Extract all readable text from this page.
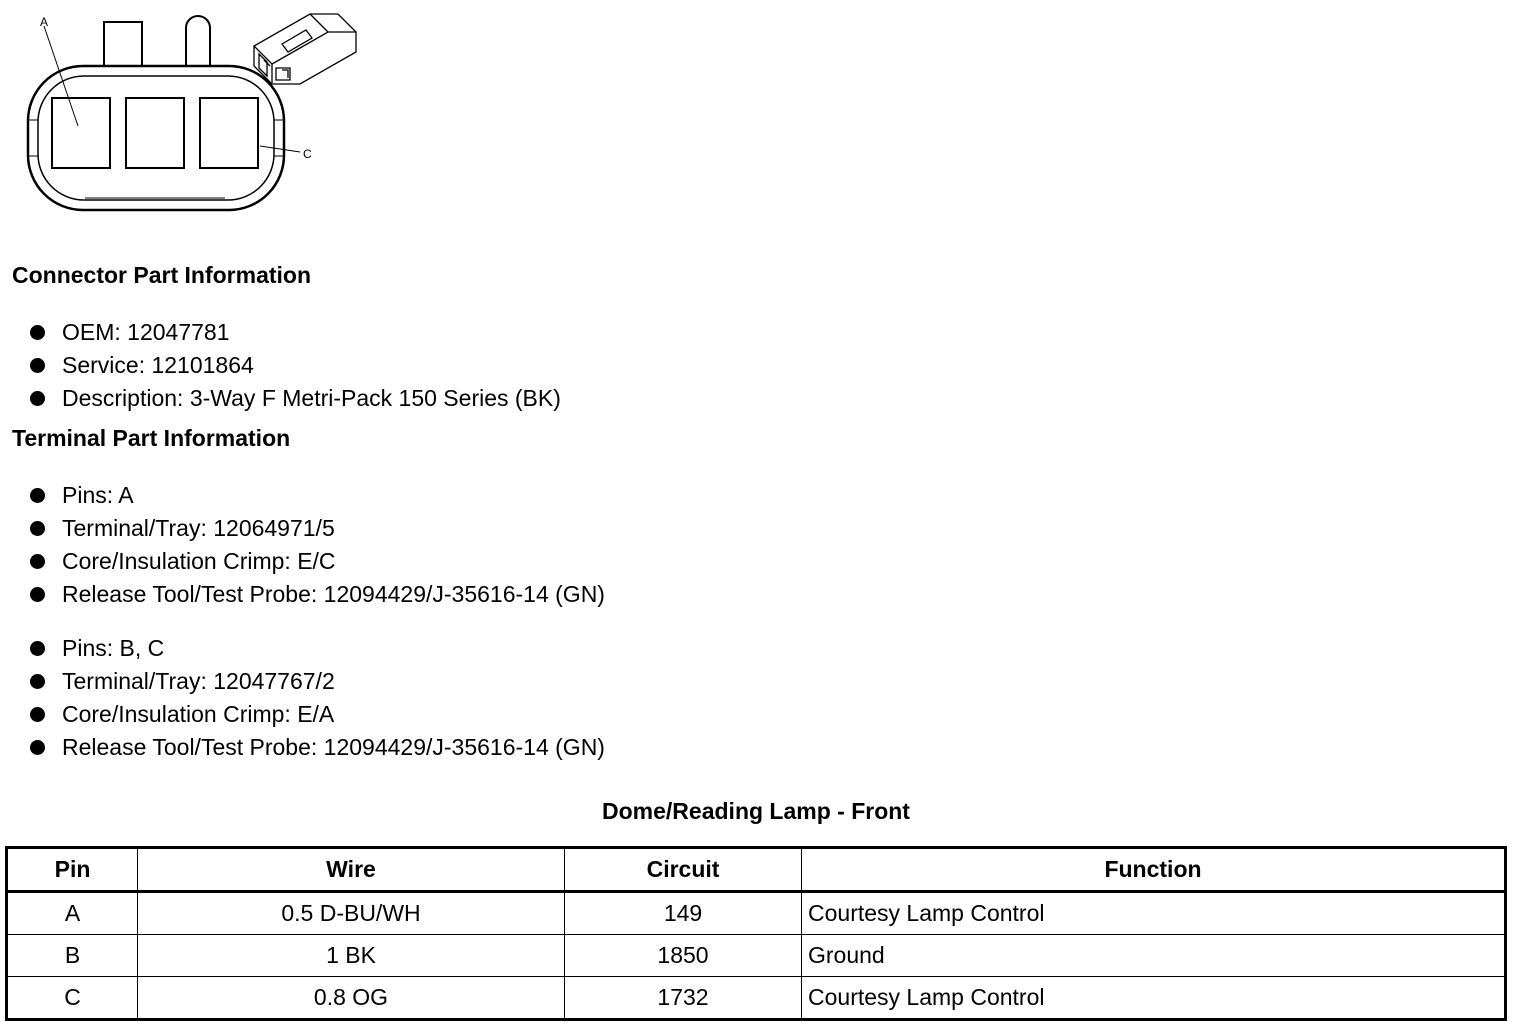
A
C
Connector Part Information
OEM: 12047781
Service: 12101864
Description: 3-Way F Metri-Pack 150 Series (BK)
Terminal Part Information
Pins: A
Terminal/Tray: 12064971/5
Core/Insulation Crimp: E/C
Release Tool/Test Probe: 12094429/J-35616-14 (GN)
Pins: B, C
Terminal/Tray: 12047767/2
Core/Insulation Crimp: E/A
Release Tool/Test Probe: 12094429/J-35616-14 (GN)
Dome/Reading Lamp - Front
Pin	Wire	Circuit	Function
A	0.5 D-BU/WH	149	Courtesy Lamp Control
B	1 BK	1850	Ground
C	0.8 OG	1732	Courtesy Lamp Control
